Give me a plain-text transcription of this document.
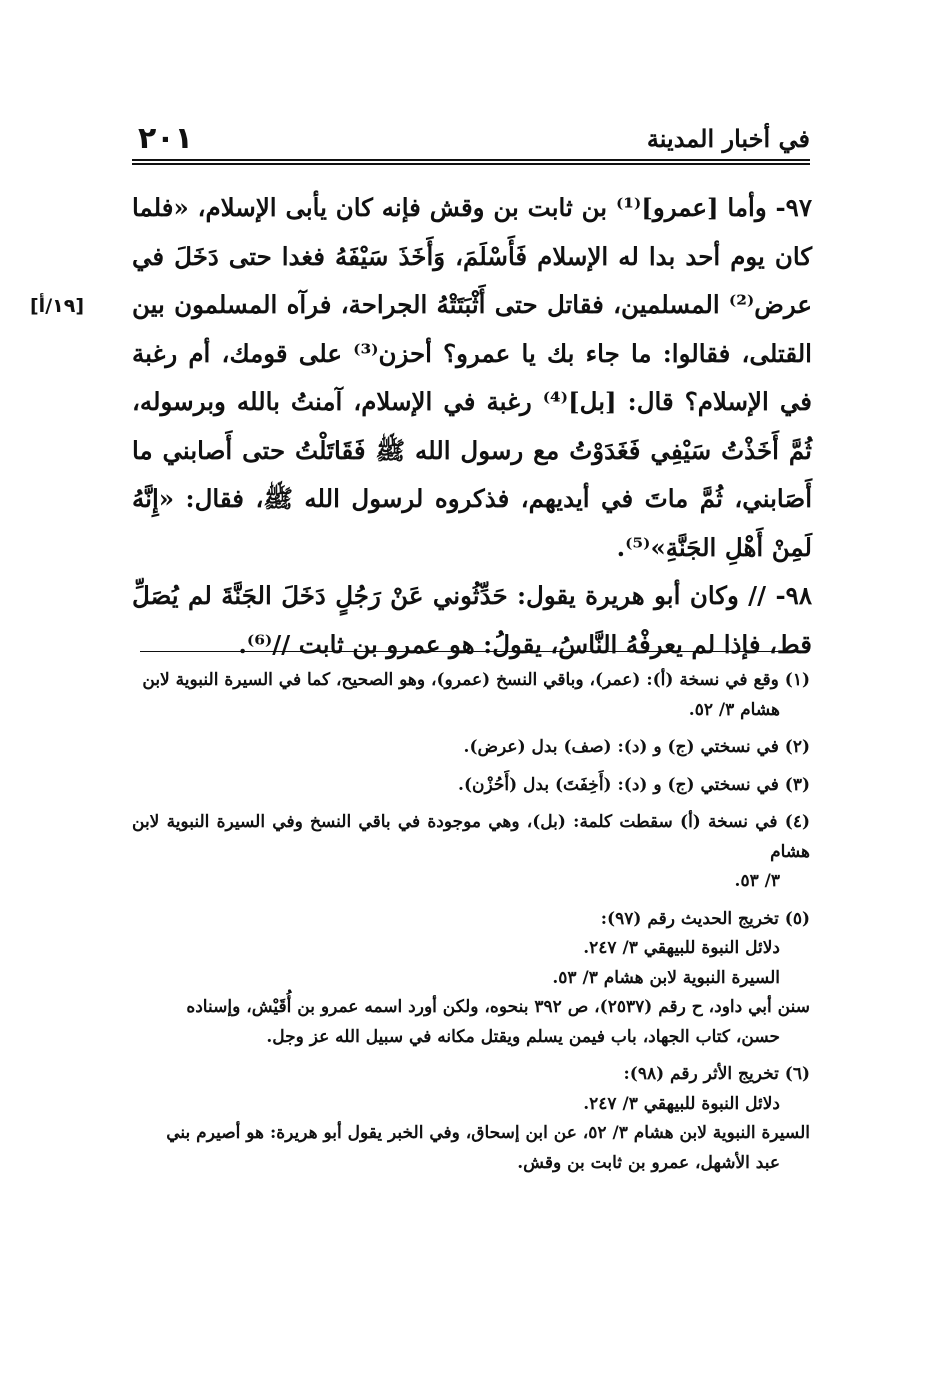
٢٠١	في أخبار المدينة
[١٩/أ]

٩٧- وأما [عمرو]⁽¹⁾ بن ثابت بن وقش فإنه كان يأبى الإسلام، «فلما كان يوم أحد بدا له الإسلام فَأَسْلَمَ، وَأَخَذَ سَيْفَهُ فغدا حتى دَخَلَ في عرض⁽²⁾ المسلمين، فقاتل حتى أَثْبَتَتْهُ الجراحة، فرآه المسلمون بين القتلى، فقالوا: ما جاء بك يا عمرو؟ أحزن⁽³⁾ على قومك، أم رغبة في الإسلام؟ قال: [بل]⁽⁴⁾ رغبة في الإسلام، آمنتُ بالله وبرسوله، ثُمَّ أَخَذْتُ سَيْفِي فَغَدَوْتُ مع رسول الله ﷺ فَقَاتَلْتُ حتى أَصابني ما أَصَابني، ثُمَّ ماتَ في أيديهم، فذكروه لرسول الله ﷺ، فقال: «إِنَّهُ لَمِنْ أَهْلِ الجَنَّةِ»⁽⁵⁾.

٩٨- // وكان أبو هريرة يقول: حَدِّثُوني عَنْ رَجُلٍ دَخَلَ الجَنَّةَ لم يُصَلِّ قط، فإذا لم يعرفْهُ النَّاسُ، يقولُ: هو عمرو بن ثابت //⁽⁶⁾.

(١) وقع في نسخة (أ): (عمر)، وباقي النسخ (عمرو)، وهو الصحيح، كما في السيرة النبوية لابن
هشام ٣/ ٥٢.
(٢) في نسختي (ج) و (د): (صف) بدل (عرض).
(٣) في نسختي (ج) و (د): (أَخِفَتَ) بدل (أَحُزْن).
(٤) في نسخة (أ) سقطت كلمة: (بل)، وهي موجودة في باقي النسخ وفي السيرة النبوية لابن هشام
٣/ ٥٣.
(٥) تخريج الحديث رقم (٩٧):
دلائل النبوة للبيهقي ٣/ ٢٤٧.
السيرة النبوية لابن هشام ٣/ ٥٣.
سنن أبي داود، ح رقم (٢٥٣٧)، ص ٣٩٢ بنحوه، ولكن أورد اسمه عمرو بن أُقَيْش، وإسناده
حسن، كتاب الجهاد، باب فيمن يسلم ويقتل مكانه في سبيل الله عز وجل.
(٦) تخريج الأثر رقم (٩٨):
دلائل النبوة للبيهقي ٣/ ٢٤٧.
السيرة النبوية لابن هشام ٣/ ٥٢، عن ابن إسحاق، وفي الخبر يقول أبو هريرة: هو أصيرم بني
عبد الأشهل، عمرو بن ثابت بن وقش.
